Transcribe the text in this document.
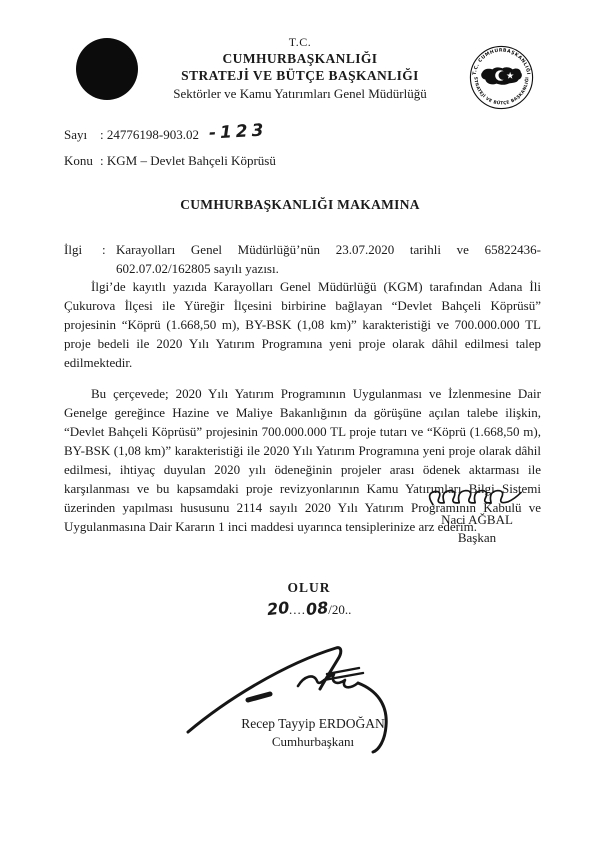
T.C.
CUMHURBAŞKANLIĞI
STRATEJİ VE BÜTÇE BAŞKANLIĞI
Sektörler ve Kamu Yatırımları Genel Müdürlüğü
T.C. CUMHURBAŞKANLIĞI
STRATEJİ VE BÜTÇE BAŞKANLIĞI
Sayı : 24776198-903.02 -123
Konu : KGM – Devlet Bahçeli Köprüsü
CUMHURBAŞKANLIĞI MAKAMINA
İlgi	: Karayolları Genel Müdürlüğü’nün 23.07.2020 tarihli ve 65822436-
602.07.02/162805 sayılı yazısı.

İlgi’de kayıtlı yazıda Karayolları Genel Müdürlüğü (KGM) tarafından Adana İli Çukurova İlçesi ile Yüreğir İlçesini birbirine bağlayan “Devlet Bahçeli Köprüsü” projesinin “Köprü (1.668,50 m), BY-BSK (1,08 km)” karakteristiği ve 700.000.000 TL proje bedeli ile 2020 Yılı Yatırım Programına yeni proje olarak dâhil edilmesi talep edilmektedir.

Bu çerçevede; 2020 Yılı Yatırım Programının Uygulanması ve İzlenmesine Dair Genelge gereğince Hazine ve Maliye Bakanlığının da görüşüne açılan talebe ilişkin, “Devlet Bahçeli Köprüsü” projesinin 700.000.000 TL proje tutarı ve “Köprü (1.668,50 m), BY-BSK (1,08 km)” karakteristiği ile 2020 Yılı Yatırım Programına yeni proje olarak dâhil edilmesi, ihtiyaç duyulan 2020 yılı ödeneğinin projeler arası ödenek aktarması ile karşılanması ve bu kapsamdaki proje revizyonlarının Kamu Yatırımları Bilgi Sistemi üzerinden yapılması hususunu 2114 sayılı 2020 Yılı Yatırım Programının Kabulü ve Uygulanmasına Dair Kararın 1 inci maddesi uyarınca tensiplerinize arz ederim.

Naci AĞBAL
Başkan
OLUR
20....08/20..
Recep Tayyip ERDOĞAN
Cumhurbaşkanı
